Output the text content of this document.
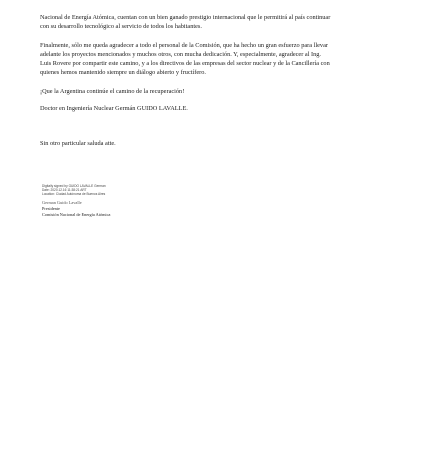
Nacional de Energía Atómica, cuentan con un bien ganado prestigio internacional que le permitirá al país continuar
con su desarrollo tecnológico al servicio de todos los habitantes.

Finalmente, sólo me queda agradecer a todo el personal de la Comisión, que ha hecho un gran esfuerzo para llevar
adelante los proyectos mencionados y muchos otros, con mucha dedicación. Y, especialmente, agradecer al Ing.
Luis Rovere por compartir este camino, y a los directivos de las empresas del sector nuclear y de la Cancillería con
quienes hemos mantenido siempre un diálogo abierto y fructífero.

¡Que la Argentina continúe el camino de la recuperación!

Doctor en Ingeniería Nuclear Germán GUIDO LAVALLE.

Sin otro particular saluda atte.

Digitally signed by GUIDO LAVALLE German
Date: 2020.12.16 11:38:21 ART
Location: Ciudad Autónoma de Buenos Aires
German Guido Lavalle
Presidente
Comisión Nacional de Energía Atómica
